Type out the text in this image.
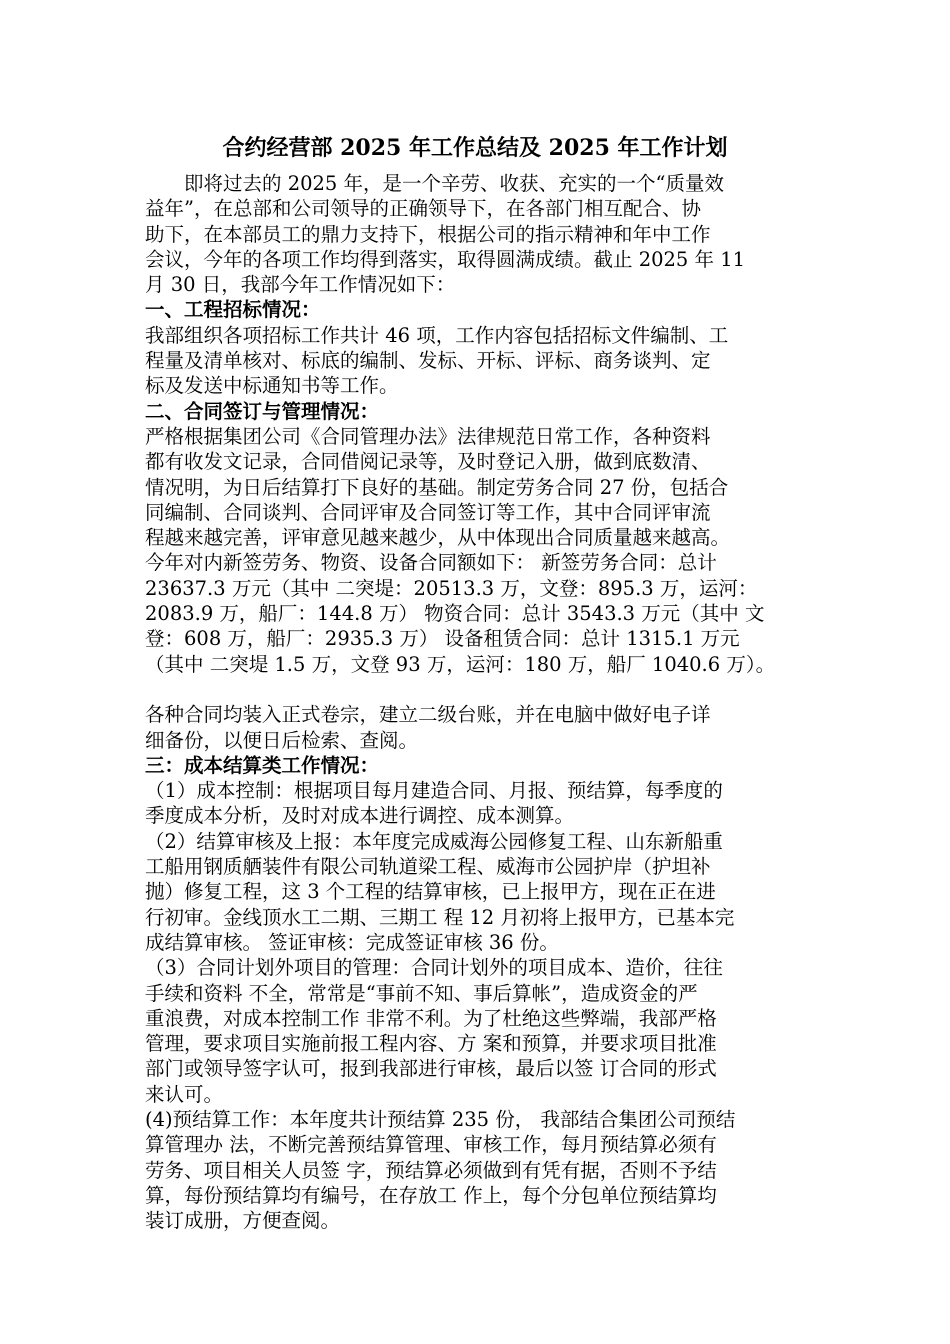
合约经营部 2025 年工作总结及 2025 年工作计划
　　即将过去的 2025 年，是一个辛劳、收获、充实的一个“质量效
益年”，在总部和公司领导的正确领导下，在各部门相互配合、协
助下，在本部员工的鼎力支持下，根据公司的指示精神和年中工作
会议，今年的各项工作均得到落实，取得圆满成绩。截止 2025 年 11
月 30 日，我部今年工作情况如下：
一、工程招标情况：
我部组织各项招标工作共计 46 项，工作内容包括招标文件编制、工
程量及清单核对、标底的编制、发标、开标、评标、商务谈判、定
标及发送中标通知书等工作。
二、合同签订与管理情况：
严格根据集团公司《合同管理办法》法律规范日常工作，各种资料
都有收发文记录，合同借阅记录等，及时登记入册，做到底数清、
情况明，为日后结算打下良好的基础。制定劳务合同 27 份，包括合
同编制、合同谈判、合同评审及合同签订等工作，其中合同评审流
程越来越完善，评审意见越来越少，从中体现出合同质量越来越高。
今年对内新签劳务、物资、设备合同额如下： 新签劳务合同：总计
23637.3 万元（其中 二突堤：20513.3 万，文登：895.3 万，运河：
2083.9 万，船厂：144.8 万） 物资合同：总计 3543.3 万元（其中 文
登：608 万，船厂：2935.3 万） 设备租赁合同：总计 1315.1 万元
（其中 二突堤 1.5 万，文登 93 万，运河：180 万，船厂 1040.6 万）。
各种合同均装入正式卷宗，建立二级台账，并在电脑中做好电子详
细备份，以便日后检索、查阅。
三：成本结算类工作情况：
（1）成本控制：根据项目每月建造合同、月报、预结算，每季度的
季度成本分析，及时对成本进行调控、成本测算。
（2）结算审核及上报：本年度完成威海公园修复工程、山东新船重
工船用钢质舾装件有限公司轨道梁工程、威海市公园护岸（护坦补
抛）修复工程，这 3 个工程的结算审核，已上报甲方，现在正在进
行初审。金线顶水工二期、三期工 程 12 月初将上报甲方，已基本完
成结算审核。 签证审核：完成签证审核 36 份。
（3）合同计划外项目的管理：合同计划外的项目成本、造价，往往
手续和资料 不全，常常是“事前不知、事后算帐”，造成资金的严
重浪费，对成本控制工作 非常不利。为了杜绝这些弊端，我部严格
管理，要求项目实施前报工程内容、方 案和预算，并要求项目批准
部门或领导签字认可，报到我部进行审核，最后以签 订合同的形式
来认可。
(4)预结算工作：本年度共计预结算 235 份， 我部结合集团公司预结
算管理办 法，不断完善预结算管理、审核工作，每月预结算必须有
劳务、项目相关人员签 字，预结算必须做到有凭有据，否则不予结
算，每份预结算均有编号，在存放工 作上，每个分包单位预结算均
装订成册，方便查阅。
